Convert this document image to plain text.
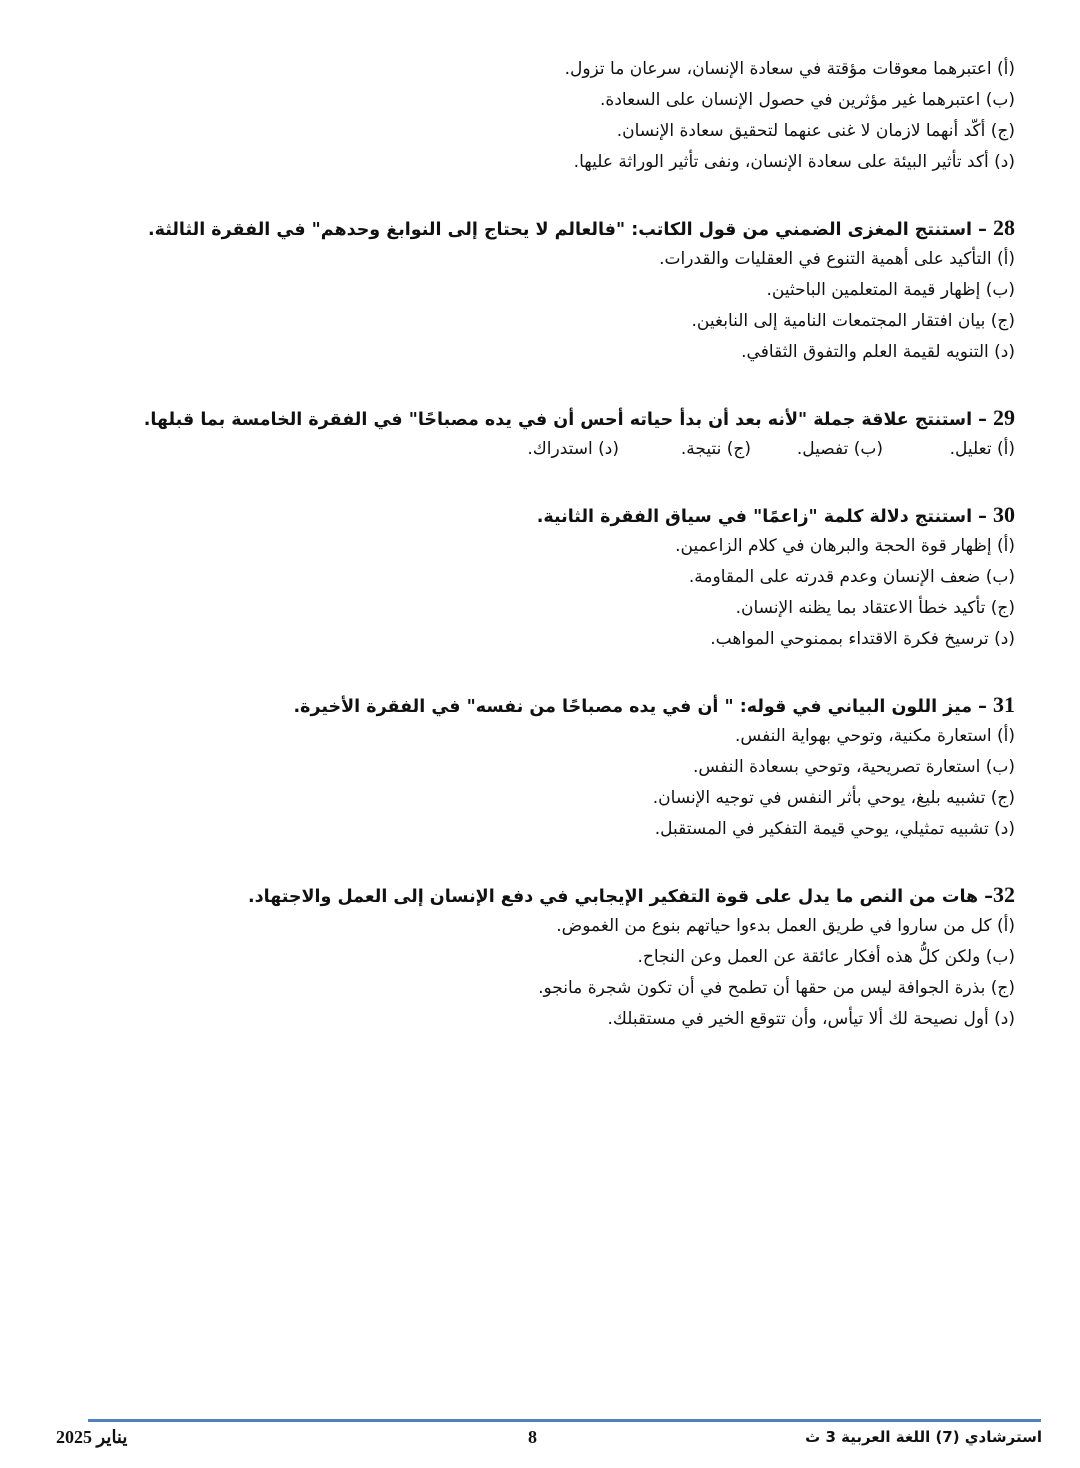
(أ) اعتبرهما معوقات مؤقتة في سعادة الإنسان، سرعان ما تزول.
(ب) اعتبرهما غير مؤثرين في حصول الإنسان على السعادة.
(ج) أكّد أنهما لازمان لا غنى عنهما لتحقيق سعادة الإنسان.
(د) أكد تأثير البيئة على سعادة الإنسان، ونفى تأثير الوراثة عليها.
28 – استنتج المغزى الضمني من قول الكاتب: "فالعالم لا يحتاج إلى النوابغ وحدهم" في الفقرة الثالثة.
(أ) التأكيد على أهمية التنوع في العقليات والقدرات.
(ب) إظهار قيمة المتعلمين الباحثين.
(ج) بيان افتقار المجتمعات النامية إلى النابغين.
(د) التنويه لقيمة العلم والتفوق الثقافي.
29 – استنتج علاقة جملة "لأنه بعد أن بدأ حياته أحس أن في يده مصباحًا" في الفقرة الخامسة بما قبلها.
(أ) تعليل.
(ب) تفصيل.
(ج) نتيجة.
(د) استدراك.
30 – استنتج دلالة كلمة "زاعمًا" في سياق الفقرة الثانية.
(أ) إظهار قوة الحجة والبرهان في كلام الزاعمين.
(ب) ضعف الإنسان وعدم قدرته على المقاومة.
(ج) تأكيد خطأ الاعتقاد بما يظنه الإنسان.
(د) ترسيخ فكرة الاقتداء بممنوحي المواهب.
31 – ميز اللون البياني في قوله: " أن في يده مصباحًا من نفسه" في الفقرة الأخيرة.
(أ) استعارة مكنية، وتوحي بهواية النفس.
(ب) استعارة تصريحية، وتوحي بسعادة النفس.
(ج) تشبيه بليغ، يوحي بأثر النفس في توجيه الإنسان.
(د) تشبيه تمثيلي، يوحي قيمة التفكير في المستقبل.
32– هات من النص ما يدل على قوة التفكير الإيجابي في دفع الإنسان إلى العمل والاجتهاد.
(أ) كل من ساروا في طريق العمل بدءوا حياتهم بنوع من الغموض.
(ب) ولكن كلُّ هذه أفكار عائقة عن العمل وعن النجاح.
(ج) بذرة الجوافة ليس من حقها أن تطمح في أن تكون شجرة مانجو.
(د) أول نصيحة لك ألا تيأس، وأن تتوقع الخير في مستقبلك.
يناير 2025	8	استرشادي (7) اللغة العربية 3 ث
